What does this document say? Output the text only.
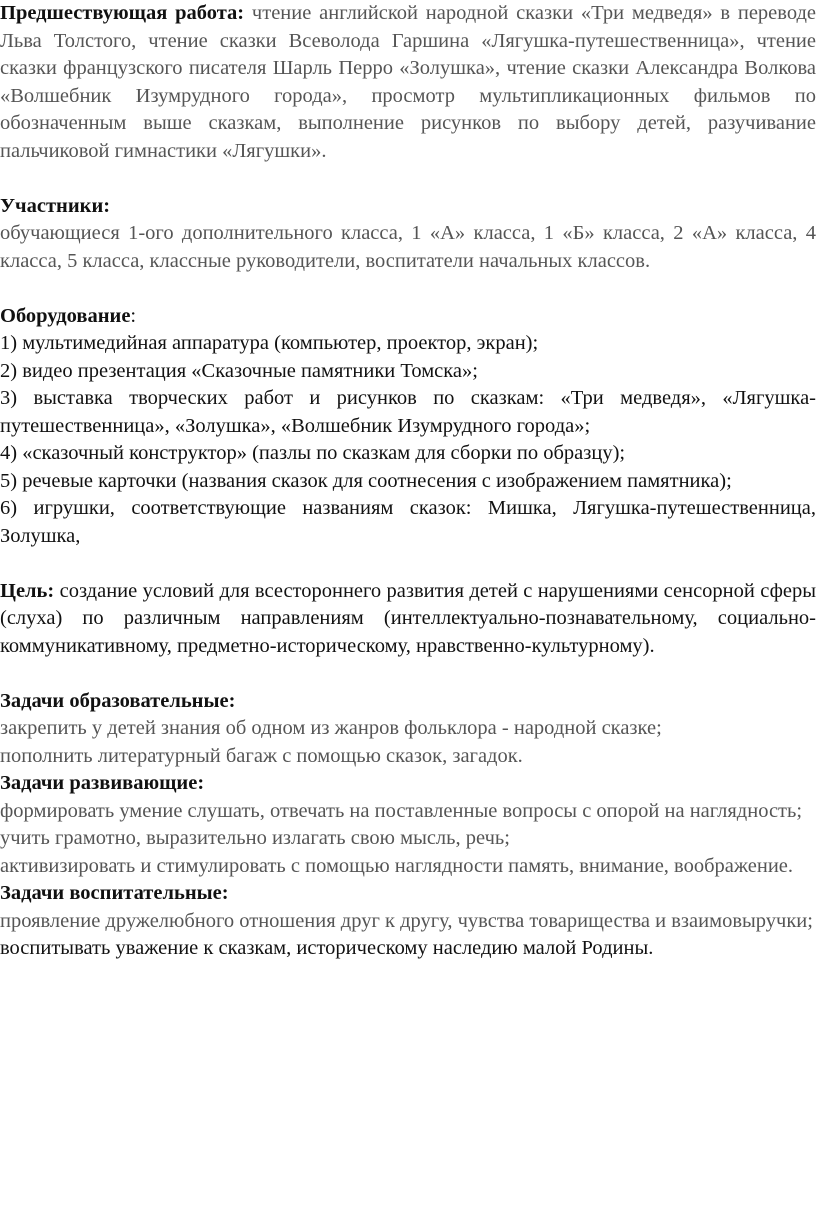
Предшествующая работа: чтение английской народной сказки «Три медведя» в переводе Льва Толстого, чтение сказки Всеволода Гаршина «Лягушка-путешественница», чтение сказки французского писателя Шарль Перро «Золушка», чтение сказки Александра Волкова «Волшебник Изумрудного города», просмотр мультипликационных фильмов по обозначенным выше сказкам, выполнение рисунков по выбору детей, разучивание пальчиковой гимнастики «Лягушки».

Участники:

обучающиеся 1-ого дополнительного класса, 1 «А» класса, 1 «Б» класса, 2 «А» класса, 4 класса, 5 класса, классные руководители, воспитатели начальных классов.

Оборудование:

1) мультимедийная аппаратура (компьютер, проектор, экран);

2) видео презентация «Сказочные памятники Томска»;

3) выставка творческих работ и рисунков по сказкам: «Три медведя», «Лягушка-путешественница», «Золушка», «Волшебник Изумрудного города»;

4) «сказочный конструктор» (пазлы по сказкам для сборки по образцу);

5) речевые карточки (названия сказок для соотнесения с изображением памятника);

6) игрушки, соответствующие названиям сказок: Мишка, Лягушка-путешественница, Золушка,

Цель: создание условий для всестороннего развития детей с нарушениями сенсорной сферы (слуха) по различным направлениям (интеллектуально-познавательному, социально-коммуникативному, предметно-историческому, нравственно-культурному).

Задачи образовательные:

закрепить у детей знания об одном из жанров фольклора - народной сказке;

пополнить литературный багаж с помощью сказок, загадок.

Задачи развивающие:

формировать умение слушать, отвечать на поставленные вопросы с опорой на наглядность;

учить грамотно, выразительно излагать свою мысль, речь;

активизировать и стимулировать с помощью наглядности память, внимание, воображение.

Задачи воспитательные:

проявление дружелюбного отношения друг к другу, чувства товарищества и взаимовыручки;

воспитывать уважение к сказкам, историческому наследию малой Родины.
